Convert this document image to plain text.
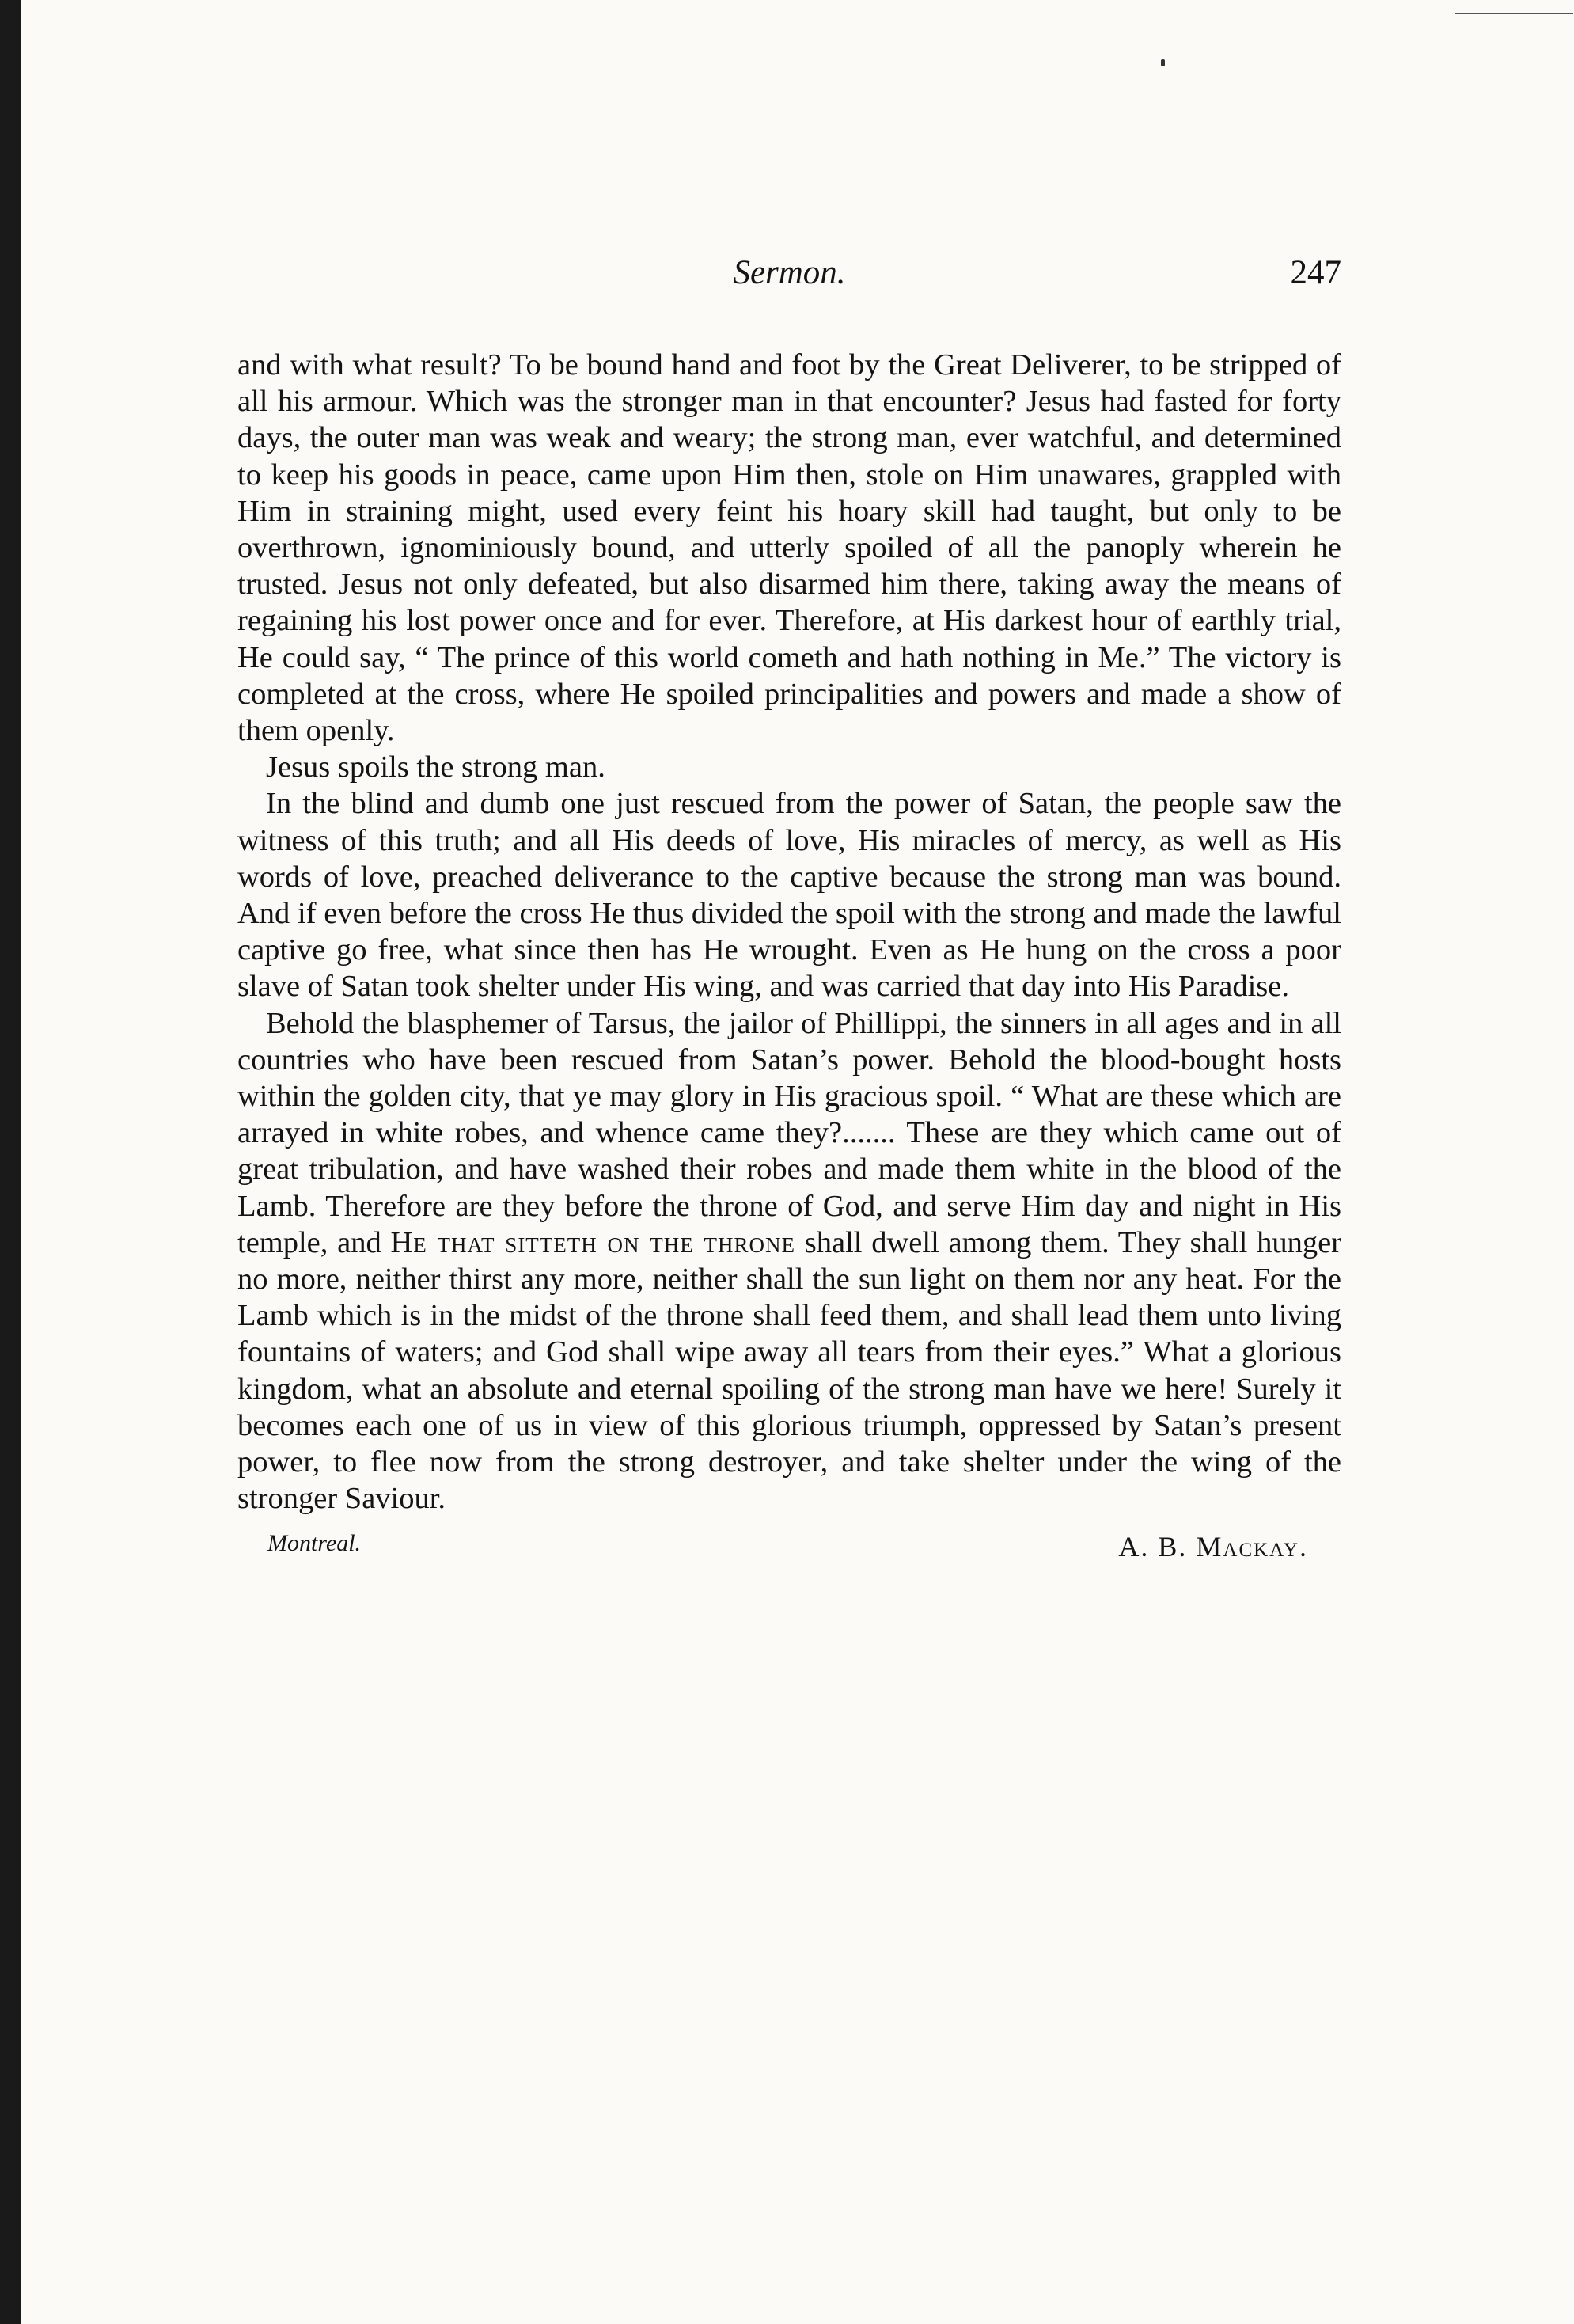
Sermon.	247

and with what result? To be bound hand and foot by the Great Deliverer, to be stripped of all his armour. Which was the stronger man in that encounter? Jesus had fasted for forty days, the outer man was weak and weary; the strong man, ever watchful, and determined to keep his goods in peace, came upon Him then, stole on Him unawares, grappled with Him in straining might, used every feint his hoary skill had taught, but only to be overthrown, ignominiously bound, and utterly spoiled of all the panoply wherein he trusted. Jesus not only defeated, but also disarmed him there, taking away the means of regaining his lost power once and for ever. Therefore, at His darkest hour of earthly trial, He could say, “ The prince of this world cometh and hath nothing in Me.” The victory is completed at the cross, where He spoiled principalities and powers and made a show of them openly.

Jesus spoils the strong man.

In the blind and dumb one just rescued from the power of Satan, the people saw the witness of this truth; and all His deeds of love, His miracles of mercy, as well as His words of love, preached deliverance to the captive because the strong man was bound. And if even before the cross He thus divided the spoil with the strong and made the lawful captive go free, what since then has He wrought. Even as He hung on the cross a poor slave of Satan took shelter under His wing, and was carried that day into His Paradise.

Behold the blasphemer of Tarsus, the jailor of Phillippi, the sinners in all ages and in all countries who have been rescued from Satan’s power. Behold the blood-bought hosts within the golden city, that ye may glory in His gracious spoil. “ What are these which are arrayed in white robes, and whence came they?....... These are they which came out of great tribulation, and have washed their robes and made them white in the blood of the Lamb. Therefore are they before the throne of God, and serve Him day and night in His temple, and He that sitteth on the throne shall dwell among them. They shall hunger no more, neither thirst any more, neither shall the sun light on them nor any heat. For the Lamb which is in the midst of the throne shall feed them, and shall lead them unto living fountains of waters; and God shall wipe away all tears from their eyes.” What a glorious kingdom, what an absolute and eternal spoiling of the strong man have we here! Surely it becomes each one of us in view of this glorious triumph, oppressed by Satan’s present power, to flee now from the strong destroyer, and take shelter under the wing of the stronger Saviour.

Montreal.	A. B. Mackay.
